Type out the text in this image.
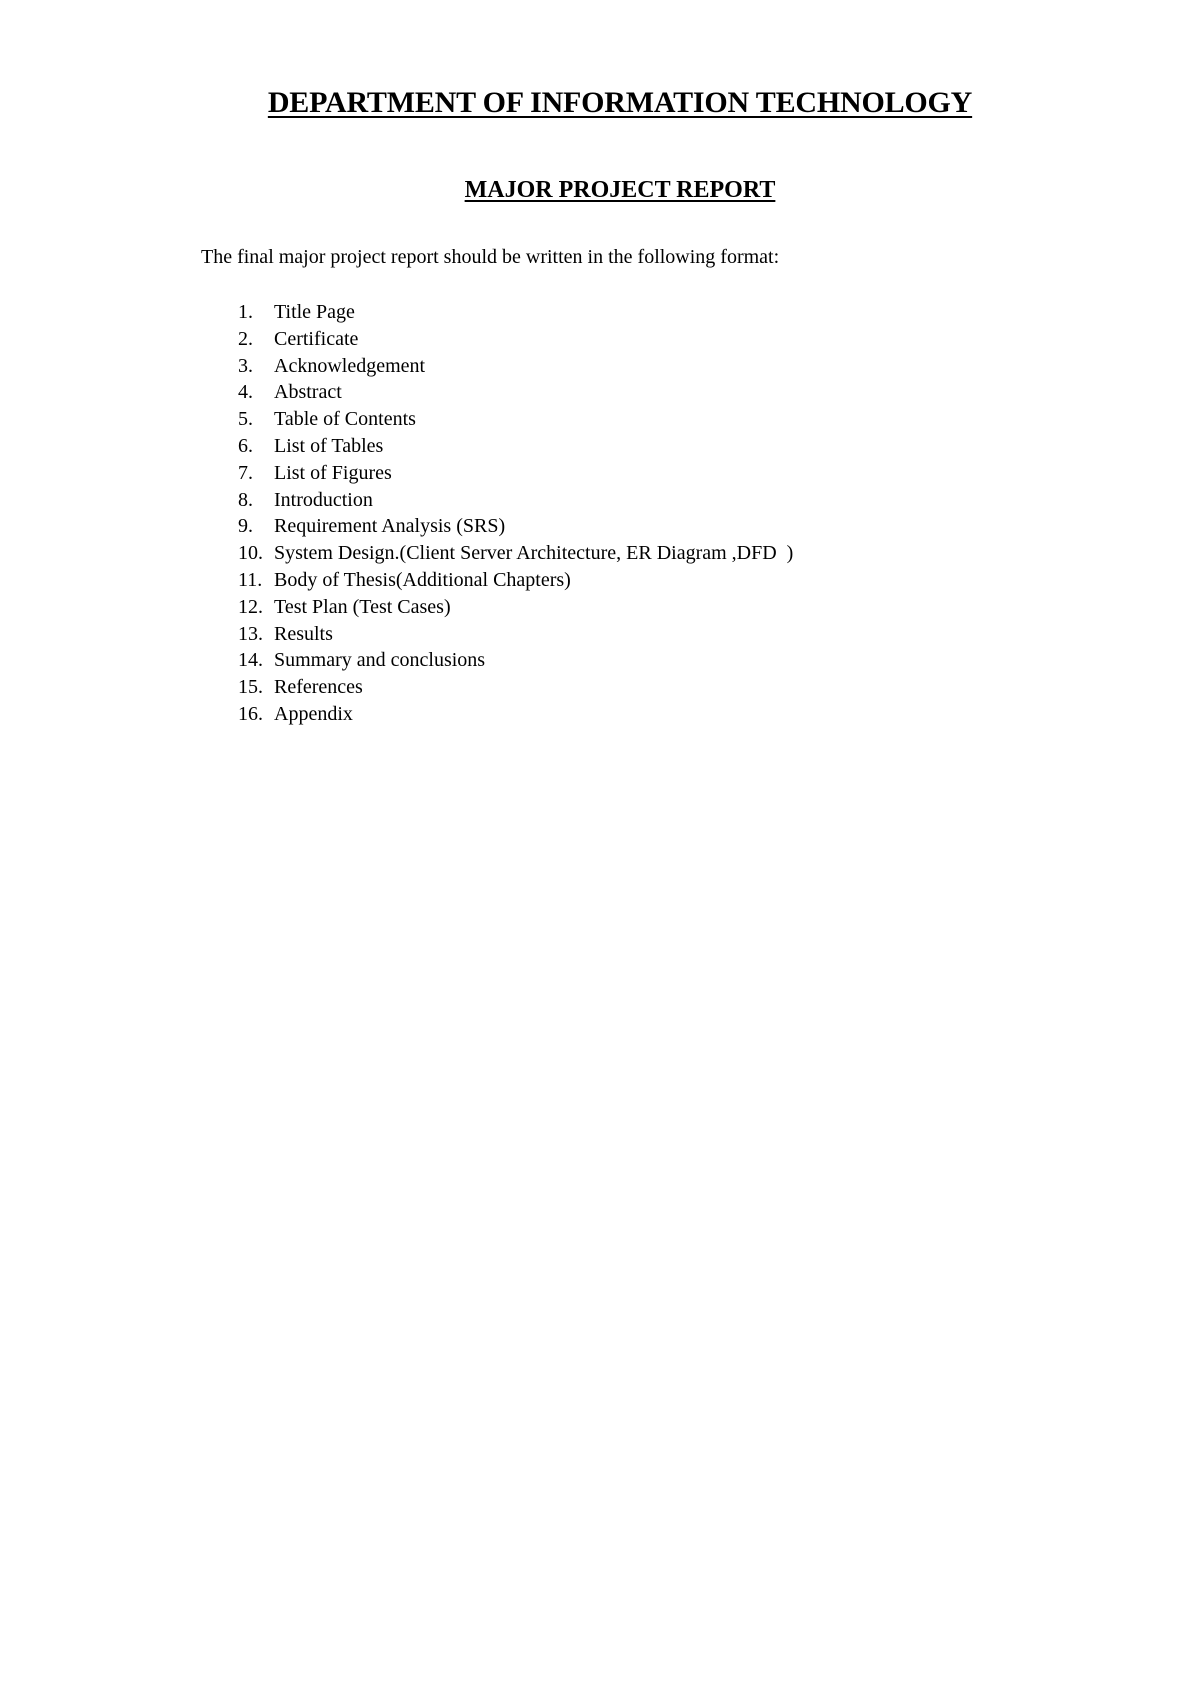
DEPARTMENT OF INFORMATION TECHNOLOGY
MAJOR PROJECT REPORT

The final major project report should be written in the following format:

1.	Title Page
2.	Certificate
3.	Acknowledgement
4.	Abstract
5.	Table of Contents
6.	List of Tables
7.	List of Figures
8.	Introduction
9.	Requirement Analysis (SRS)
10. System Design.(Client Server Architecture, ER Diagram ,DFD  )
11. Body of Thesis(Additional Chapters)
12. Test Plan (Test Cases)
13. Results
14. Summary and conclusions
15. References
16. Appendix
